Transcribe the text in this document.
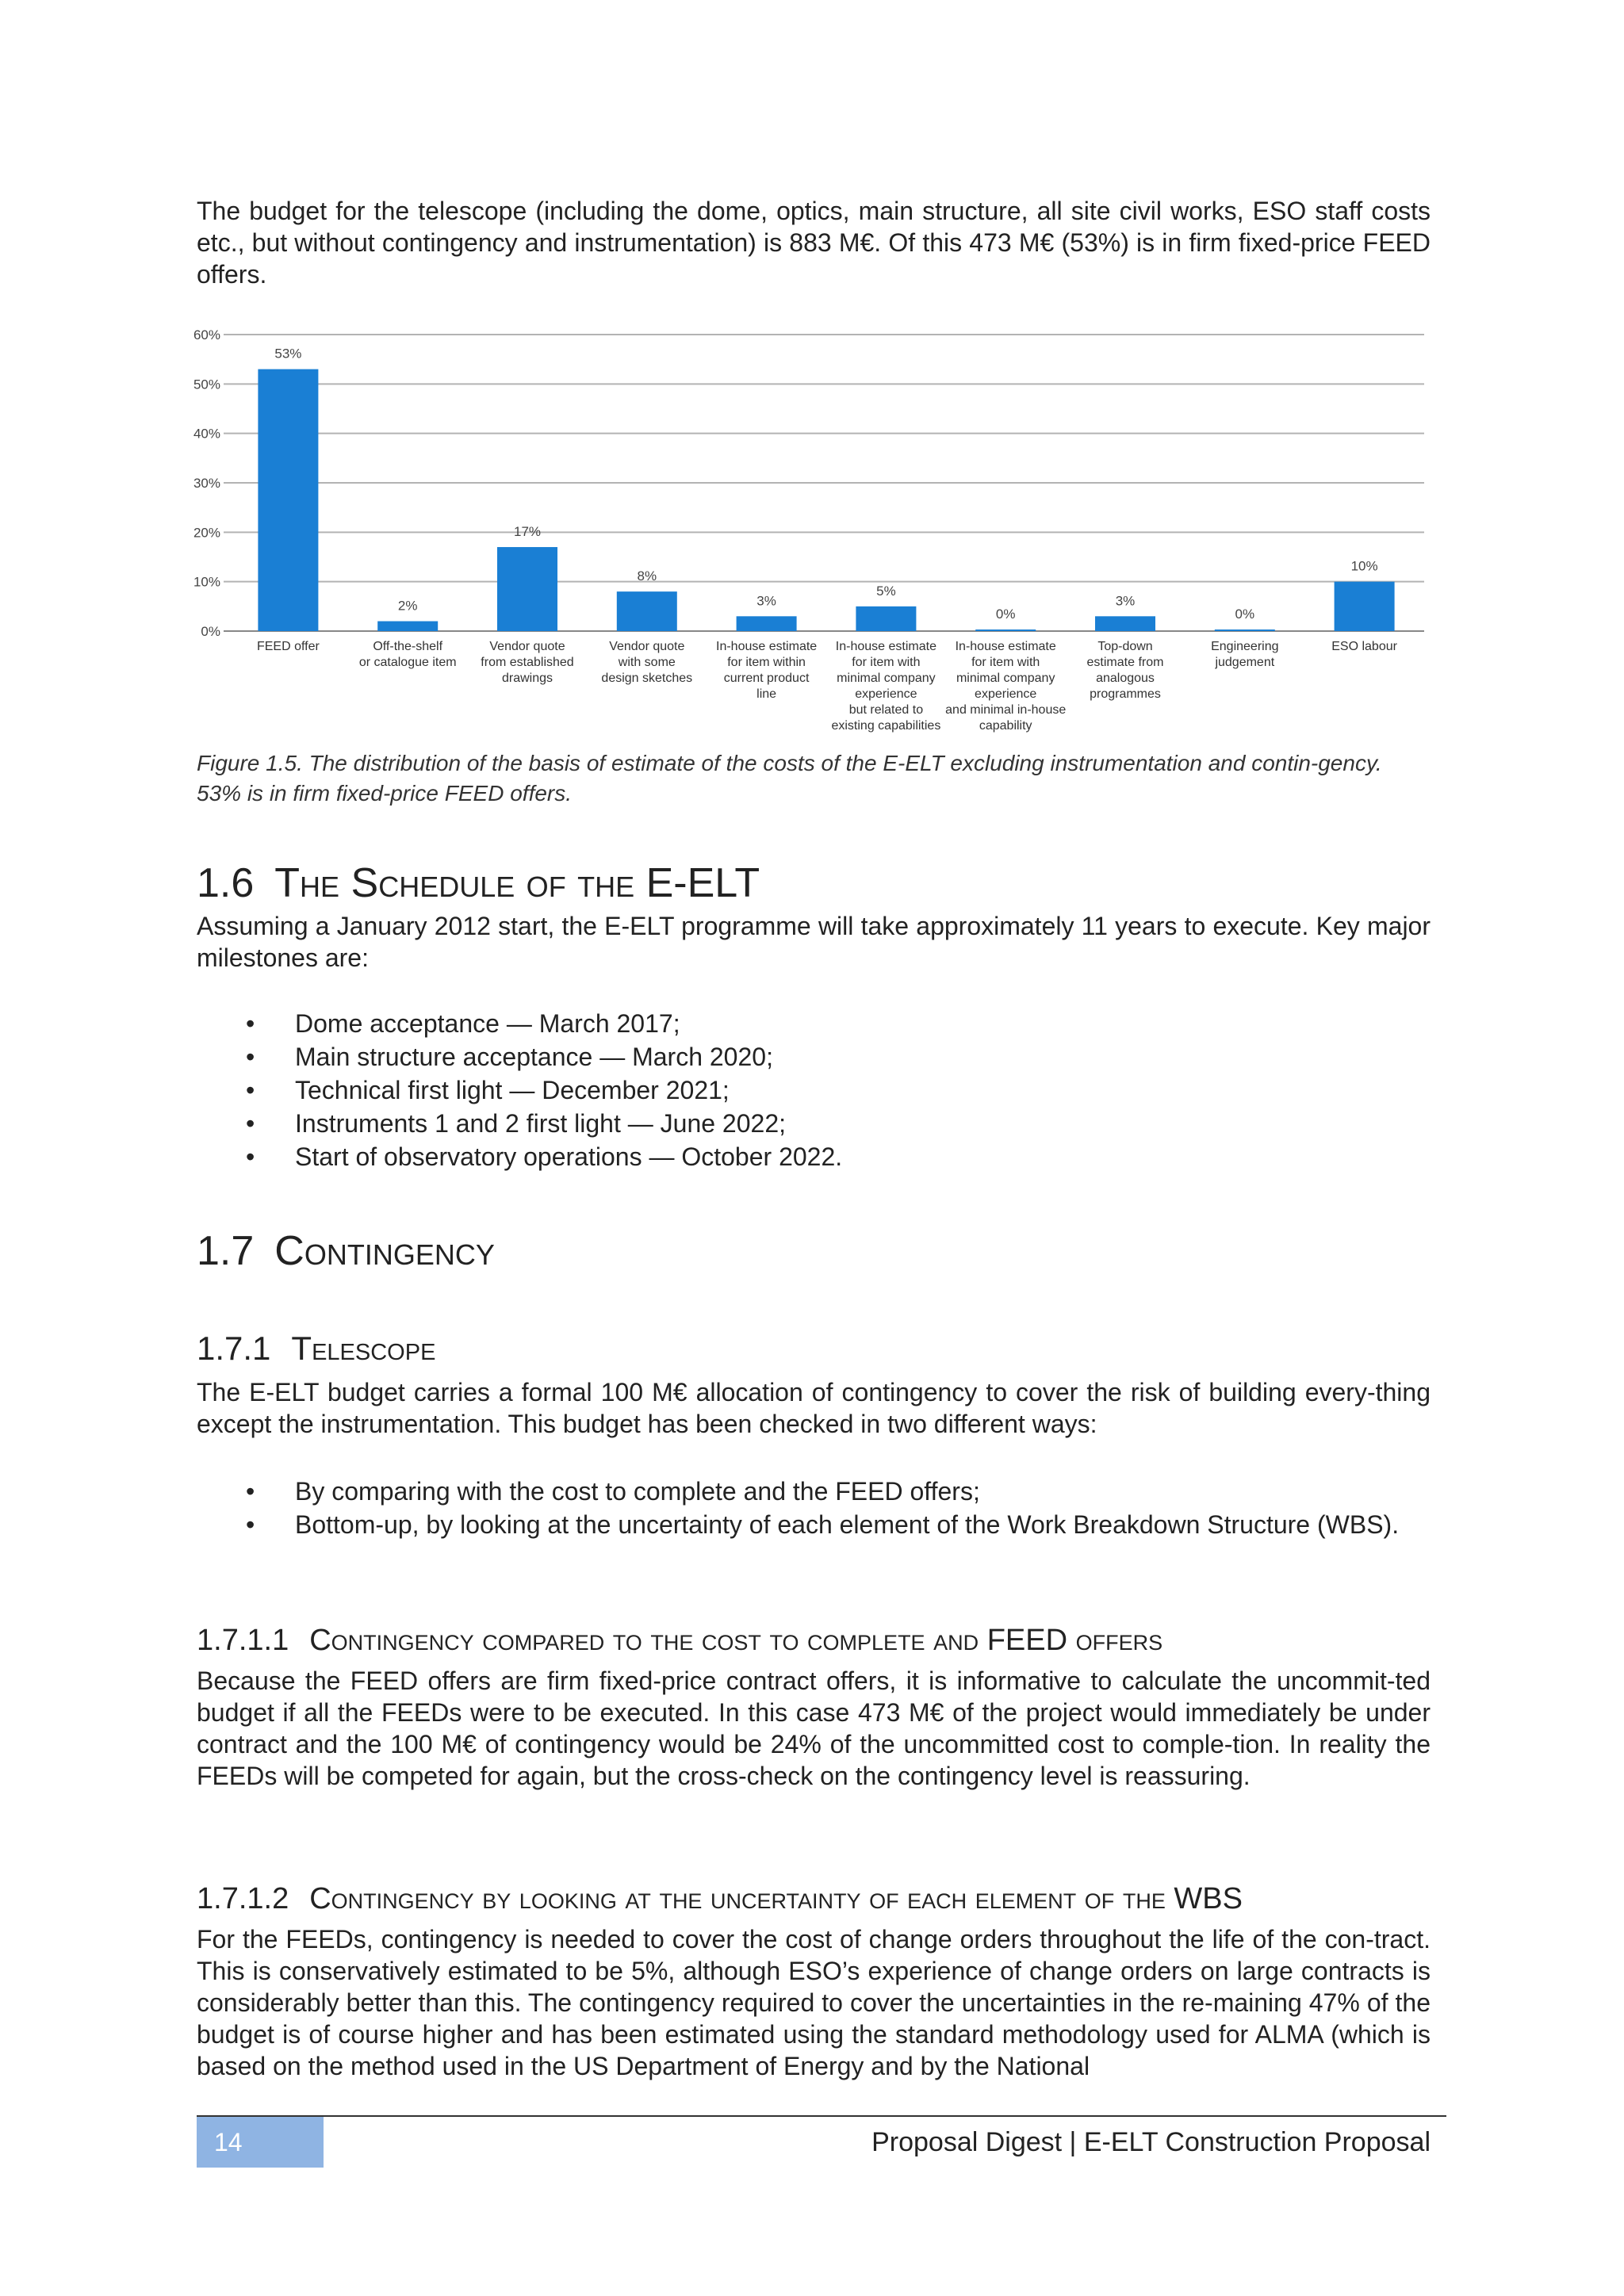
The budget for the telescope (including the dome, optics, main structure, all site civil works, ESO staff costs etc., but without contingency and instrumentation) is 883 M€. Of this 473 M€ (53%) is in firm fixed-price FEED offers.

0%
10%
20%
30%
40%
50%
60%
53%
FEED offer
2%
Off-the-shelf
or catalogue item
17%
Vendor quote
from established
drawings
8%
Vendor quote
with some
design sketches
3%
In-house estimate
for item within
current product
line
5%
In-house estimate
for item with
minimal company
experience
but related to
existing capabilities
0%
In-house estimate
for item with
minimal company
experience
and minimal in-house
capability
3%
Top-down
estimate from
analogous
programmes
0%
Engineering
judgement
10%
ESO labour

Figure 1.5. The distribution of the basis of estimate of the costs of the E-ELT excluding instrumentation and contin-gency. 53% is in firm fixed-price FEED offers.

1.6 The Schedule of the E-ELT

Assuming a January 2012 start, the E-ELT programme will take approximately 11 years to execute. Key major milestones are:

• Dome acceptance — March 2017;
• Main structure acceptance — March 2020;
• Technical first light — December 2021;
• Instruments 1 and 2 first light — June 2022;
• Start of observatory operations — October 2022.
1.7 Contingency
1.7.1 Telescope

The E-ELT budget carries a formal 100 M€ allocation of contingency to cover the risk of building every-thing except the instrumentation. This budget has been checked in two different ways:

• By comparing with the cost to complete and the FEED offers;
• Bottom-up, by looking at the uncertainty of each element of the Work Breakdown Structure (WBS).
1.7.1.1 Contingency compared to the cost to complete and FEED offers

Because the FEED offers are firm fixed-price contract offers, it is informative to calculate the uncommit-ted budget if all the FEEDs were to be executed. In this case 473 M€ of the project would immediately be under contract and the 100 M€ of contingency would be 24% of the uncommitted cost to comple-tion. In reality the FEEDs will be competed for again, but the cross-check on the contingency level is reassuring.

1.7.1.2 Contingency by looking at the uncertainty of each element of the WBS

For the FEEDs, contingency is needed to cover the cost of change orders throughout the life of the con-tract. This is conservatively estimated to be 5%, although ESO’s experience of change orders on large contracts is considerably better than this. The contingency required to cover the uncertainties in the re-maining 47% of the budget is of course higher and has been estimated using the standard methodology used for ALMA (which is based on the method used in the US Department of Energy and by the National

14	Proposal Digest | E-ELT Construction Proposal
